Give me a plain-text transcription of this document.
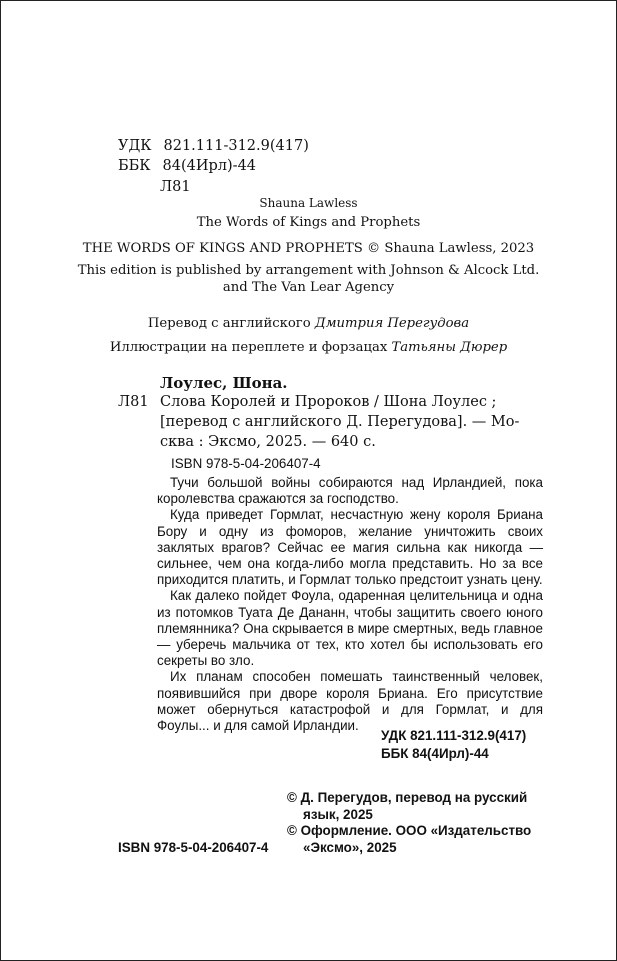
УДК 821.111-312.9(417)
ББК 84(4Ирл)-44
Л81
Shauna Lawless
The Words of Kings and Prophets
THE WORDS OF KINGS AND PROPHETS © Shauna Lawless, 2023
This edition is published by arrangement with Johnson & Alcock Ltd.
and The Van Lear Agency
Перевод с английского Дмитрия Перегудова
Иллюстрации на переплете и форзацах Татьяны Дюрер
Лоулес, Шона.
Л81 Слова Королей и Пророков / Шона Лоулес ;
[перевод с английского Д. Перегудова]. — Мо-
сква : Эксмо, 2025. — 640 с.
ISBN 978-5-04-206407-4

Тучи большой войны собираются над Ирландией, пока королевства сражаются за господство.

Куда приведет Гормлат, несчастную жену короля Бриана Бору и одну из фоморов, желание уничтожить своих заклятых врагов? Сейчас ее магия сильна как никогда — сильнее, чем она когда-либо могла представить. Но за все приходится платить, и Гормлат только предстоит узнать цену.

Как далеко пойдет Фоула, одаренная целительница и одна из потомков Туата Де Дананн, чтобы защитить своего юного племянника? Она скрывается в мире смертных, ведь главное — уберечь мальчика от тех, кто хотел бы использовать его секреты во зло.

Их планам способен помешать таинственный человек, появившийся при дворе короля Бриана. Его присутствие может обернуться катастрофой и для Гормлат, и для Фоулы... и для самой Ирландии.

УДК 821.111-312.9(417)
ББК 84(4Ирл)-44
© Д. Перегудов, перевод на русский
язык, 2025
© Оформление. ООО «Издательство
«Эксмо», 2025
ISBN 978-5-04-206407-4
